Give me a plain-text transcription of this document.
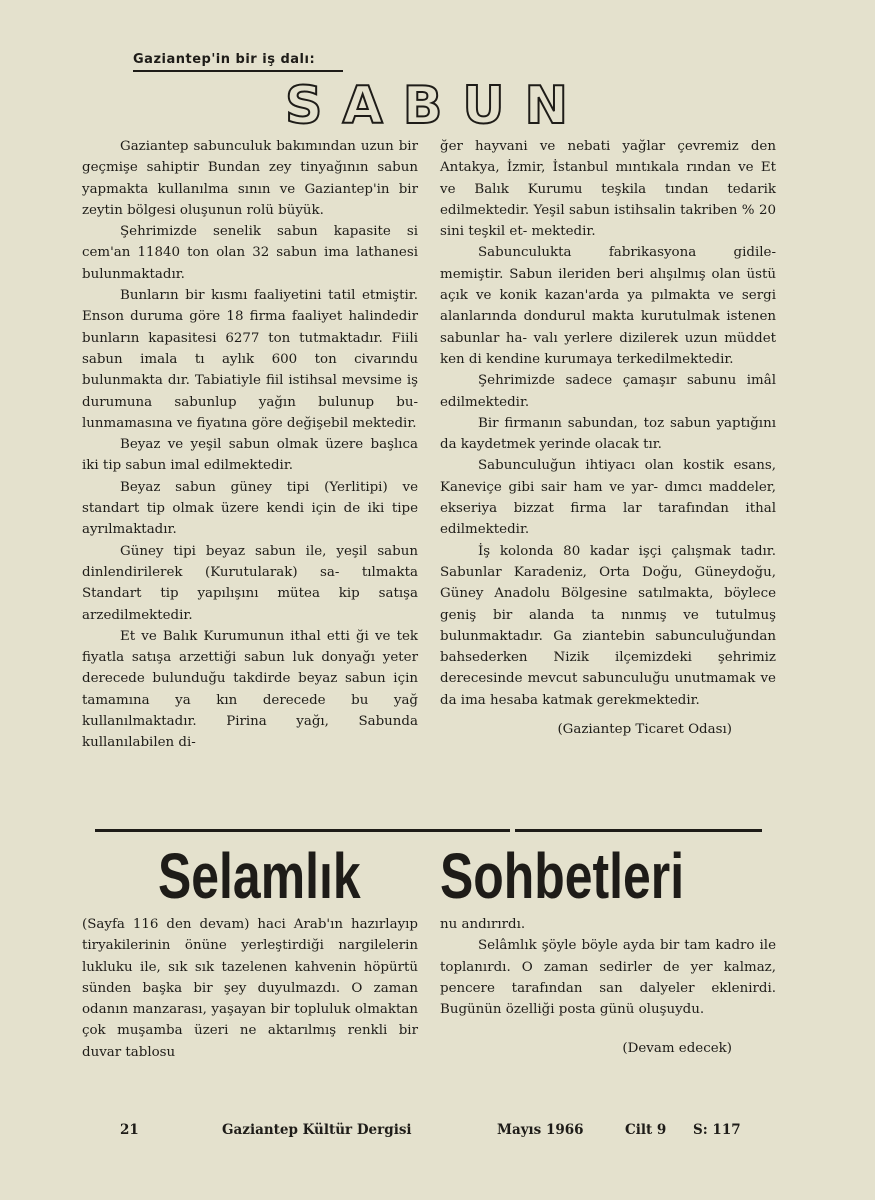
Gaziantep'in bir iş dalı:
SABUN

Gaziantep sabunculuk bakımından uzun bir geçmişe sahiptir Bundan zey tinyağının sabun yapmakta kullanılma sının ve Gaziantep'in bir zeytin bölgesi oluşunun rolü büyük.

Şehrimizde senelik sabun kapasite si cem'an 11840 ton olan 32 sabun ima lathanesi bulunmaktadır.

Bunların bir kısmı faaliyetini tatil etmiştir. Enson duruma göre 18 firma faaliyet halindedir bunların kapasitesi 6277 ton tutmaktadır. Fiili sabun imala tı aylık 600 ton civarındu bulunmakta dır. Tabiatiyle fiil istihsal mevsime iş durumuna sabunlup yağın bulunup bu- lunmamasına ve fiyatına göre değişebil mektedir.

Beyaz ve yeşil sabun olmak üzere başlıca iki tip sabun imal edilmektedir.

Beyaz sabun güney tipi (Yerlitipi) ve standart tip olmak üzere kendi için de iki tipe ayrılmaktadır.

Güney tipi beyaz sabun ile, yeşil sabun dinlendirilerek (Kurutularak) sa- tılmakta Standart tip yapılışını mütea kip satışa arzedilmektedir.

Et ve Balık Kurumunun ithal etti ği ve tek fiyatla satışa arzettiği sabun luk donyağı yeter derecede bulunduğu takdirde beyaz sabun için tamamına ya kın derecede bu yağ kullanılmaktadır. Pirina yağı, Sabunda kullanılabilen di-

ğer hayvani ve nebati yağlar çevremiz den Antakya, İzmir, İstanbul mıntıkala rından ve Et ve Balık Kurumu teşkila tından tedarik edilmektedir. Yeşil sabun istihsalin takriben % 20 sini teşkil et- mektedir.

Sabunculukta fabrikasyona gidile- memiştir. Sabun ileriden beri alışılmış olan üstü açık ve konik kazan'arda ya pılmakta ve sergi alanlarında dondurul makta kurutulmak istenen sabunlar ha- valı yerlere dizilerek uzun müddet ken di kendine kurumaya terkedilmektedir.

Şehrimizde sadece çamaşır sabunu imâl edilmektedir.

Bir firmanın sabundan, toz sabun yaptığını da kaydetmek yerinde olacak tır.

Sabunculuğun ihtiyacı olan kostik esans, Kaneviçe gibi sair ham ve yar- dımcı maddeler, ekseriya bizzat firma lar tarafından ithal edilmektedir.

İş kolonda 80 kadar işçi çalışmak tadır. Sabunlar Karadeniz, Orta Doğu, Güneydoğu, Güney Anadolu Bölgesine satılmakta, böylece geniş bir alanda ta nınmış ve tutulmuş bulunmaktadır. Ga ziantebin sabunculuğundan bahsederken Nizik ilçemizdeki şehrimiz derecesinde mevcut sabunculuğu unutmamak ve da ima hesaba katmak gerekmektedir.

(Gaziantep Ticaret Odası)

Selamlık Sohbetleri

(Sayfa 116 den devam) haci Arab'ın hazırlayıp tiryakilerinin önüne yerleştirdiği nargilelerin lukluku ile, sık sık tazelenen kahvenin höpürtü sünden başka bir şey duyulmazdı. O zaman odanın manzarası, yaşayan bir topluluk olmaktan çok muşamba üzeri ne aktarılmış renkli bir duvar tablosu

nu andırırdı.

Selâmlık şöyle böyle ayda bir tam kadro ile toplanırdı. O zaman sedirler de yer kalmaz, pencere tarafından san dalyeler eklenirdi. Bugünün özelliği posta günü oluşuydu.

(Devam edecek)

21	Gaziantep Kültür Dergisi	Mayıs 1966	Cilt 9 S: 117
